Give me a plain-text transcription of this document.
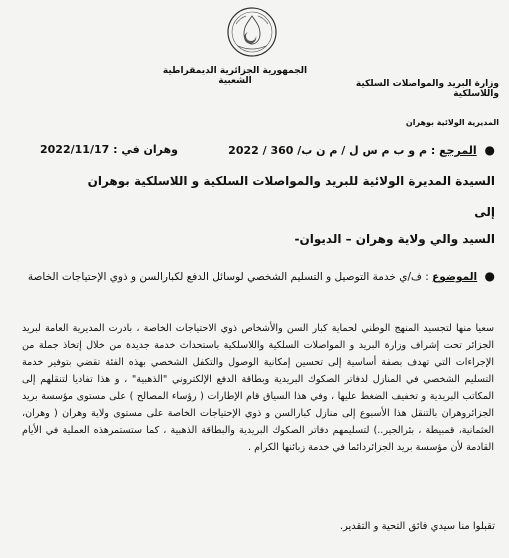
الجمهورية الجزائرية الديمقراطية الشعبية	وزارة البريد والمواصلات السلكية واللاسلكية
المديرية الولائية بوهران
● المرجع : م و ب م س ل / م ن ب/ 360 / 2022
وهران في : 2022/11/17
السيدة المديرة الولائية للبريد والمواصلات السلكية و اللاسلكية بوهران
إلى
السيد والي ولاية وهران – الديوان-
● الموضوع : ف/ي خدمة التوصيل و التسليم الشخصي لوسائل الدفع لكبارالسن و ذوي الإحتياجات الخاصة

سعيا منها لتجسيد المنهج الوطني لحماية كبار السن والأشخاص ذوي الاحتياجات الخاصة ، بادرت المديرية العامة لبريد الجزائر تحت إشراف وزارة البريد و المواصلات السلكية واللاسلكية باستحداث خدمة جديدة من خلال إتخاذ جملة من الإجراءات التي تهدف بصفة أساسية إلى تحسين إمكانية الوصول والتكفل الشخصي بهذه الفئة تقضي بتوفير خدمة التسليم الشخصي في المنازل لدفاتر الصكوك البريدية وبطاقة الدفع الإلكتروني "الذهبية" ، و هذا تفاديا لتنقلهم إلى المكاتب البريدية و تخفيف الضغط عليها ، وفي هذا السياق قام الإطارات ( رؤساء المصالح ) على مستوى مؤسسة بريد الجزائروهران بالتنقل هذا الأسبوع إلى منازل كبارالسن و ذوي الإحتياجات الخاصة على مستوى ولاية وهران ( وهران، العثمانية، قمبيطة ، بئرالجير..) لتسليمهم دفاتر الصكوك البريدية والبطاقة الذهبية ، كما ستستمرهذه العملية في الأيام القادمة لأن مؤسسة بريد الجزائردائما في خدمة زبائنها الكرام .

تقبلوا منا سيدي فائق التحية و التقدير.
